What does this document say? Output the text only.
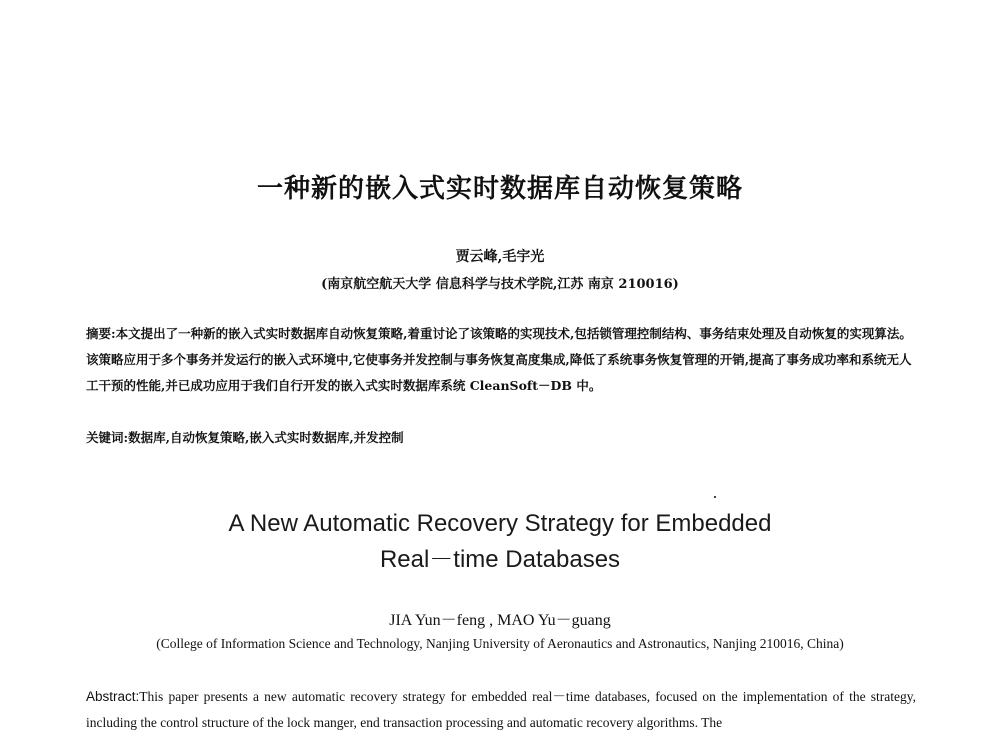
一种新的嵌入式实时数据库自动恢复策略
贾云峰,毛宇光
(南京航空航天大学 信息科学与技术学院,江苏 南京 210016)
摘要:本文提出了一种新的嵌入式实时数据库自动恢复策略,着重讨论了该策略的实现技术,包括锁管理控制结构、事务结束处理及自动恢复的实现算法。该策略应用于多个事务并发运行的嵌入式环境中,它使事务并发控制与事务恢复高度集成,降低了系统事务恢复管理的开销,提高了事务成功率和系统无人工干预的性能,并已成功应用于我们自行开发的嵌入式实时数据库系统 CleanSoft－DB 中。
关键词:数据库,自动恢复策略,嵌入式实时数据库,并发控制
A New Automatic Recovery Strategy for Embedded
Real－time Databases
JIA Yun－feng , MAO Yu－guang
(College of Information Science and Technology, Nanjing University of Aeronautics and Astronautics, Nanjing 210016, China)
Abstract:This paper presents a new automatic recovery strategy for embedded real－time databases, focused on the implementation of the strategy, including the control structure of the lock manger, end transaction processing and automatic recovery algorithms. The
